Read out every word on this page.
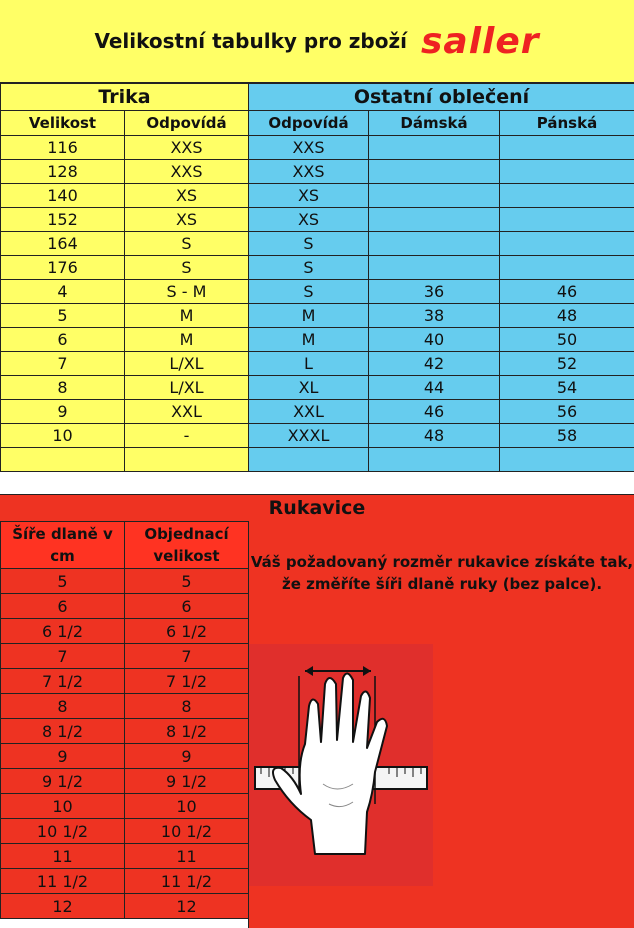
Velikostní tabulky pro zboží saller
Trika		Ostatní oblečení		
Velikost	Odpovídá	Odpovídá	Dámská	Pánská
116	XXS	XXS		
128	XXS	XXS		
140	XS	XS		
152	XS	XS		
164	S	S		
176	S	S		
4	S - M	S	36	46
5	M	M	38	48
6	M	M	40	50
7	L/XL	L	42	52
8	L/XL	XL	44	54
9	XXL	XXL	46	56
10	-	XXXL	48	58

Rukavice
Šíře dlaně v cm	Objednací velikost
5	5
6	6
6 1/2	6 1/2
7	7
7 1/2	7 1/2
8	8
8 1/2	8 1/2
9	9
9 1/2	9 1/2
10	10
10 1/2	10 1/2
11	11
11 1/2	11 1/2
12	12
Váš požadovaný rozměr rukavice získáte tak, že změříte šíři dlaně ruky (bez palce).
